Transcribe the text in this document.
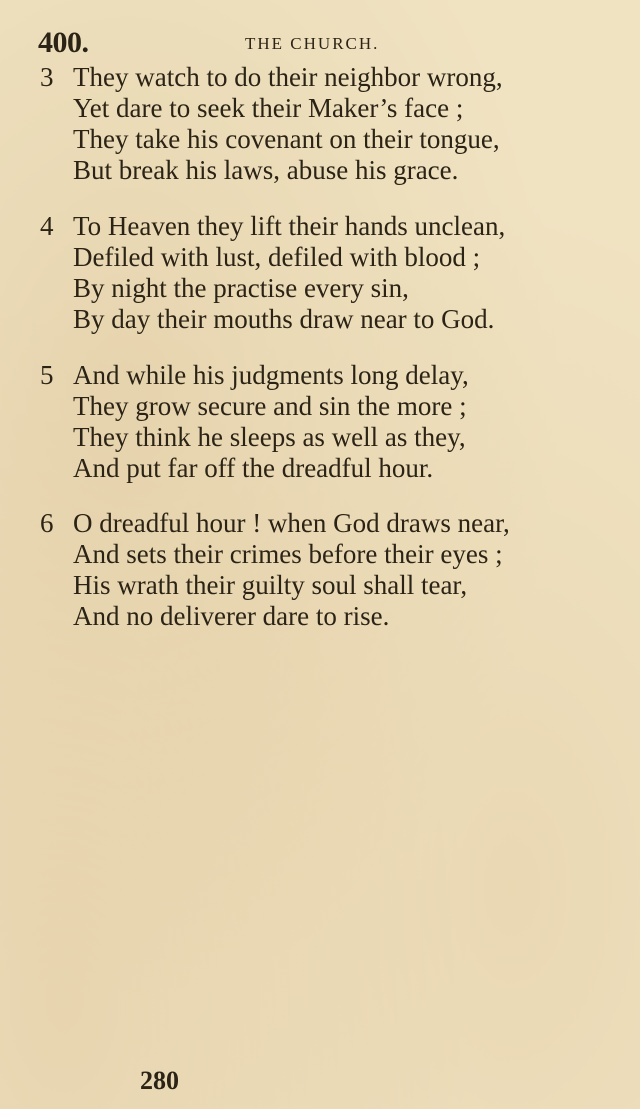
400.	THE CHURCH.
3 They watch to do their neighbor wrong,
Yet dare to seek their Maker’s face ;
They take his covenant on their tongue,
But break his laws, abuse his grace.
4 To Heaven they lift their hands unclean,
Defiled with lust, defiled with blood ;
By night the practise every sin,
By day their mouths draw near to God.
5 And while his judgments long delay,
They grow secure and sin the more ;
They think he sleeps as well as they,
And put far off the dreadful hour.
6 O dreadful hour ! when God draws near,
And sets their crimes before their eyes ;
His wrath their guilty soul shall tear,
And no deliverer dare to rise.
280
